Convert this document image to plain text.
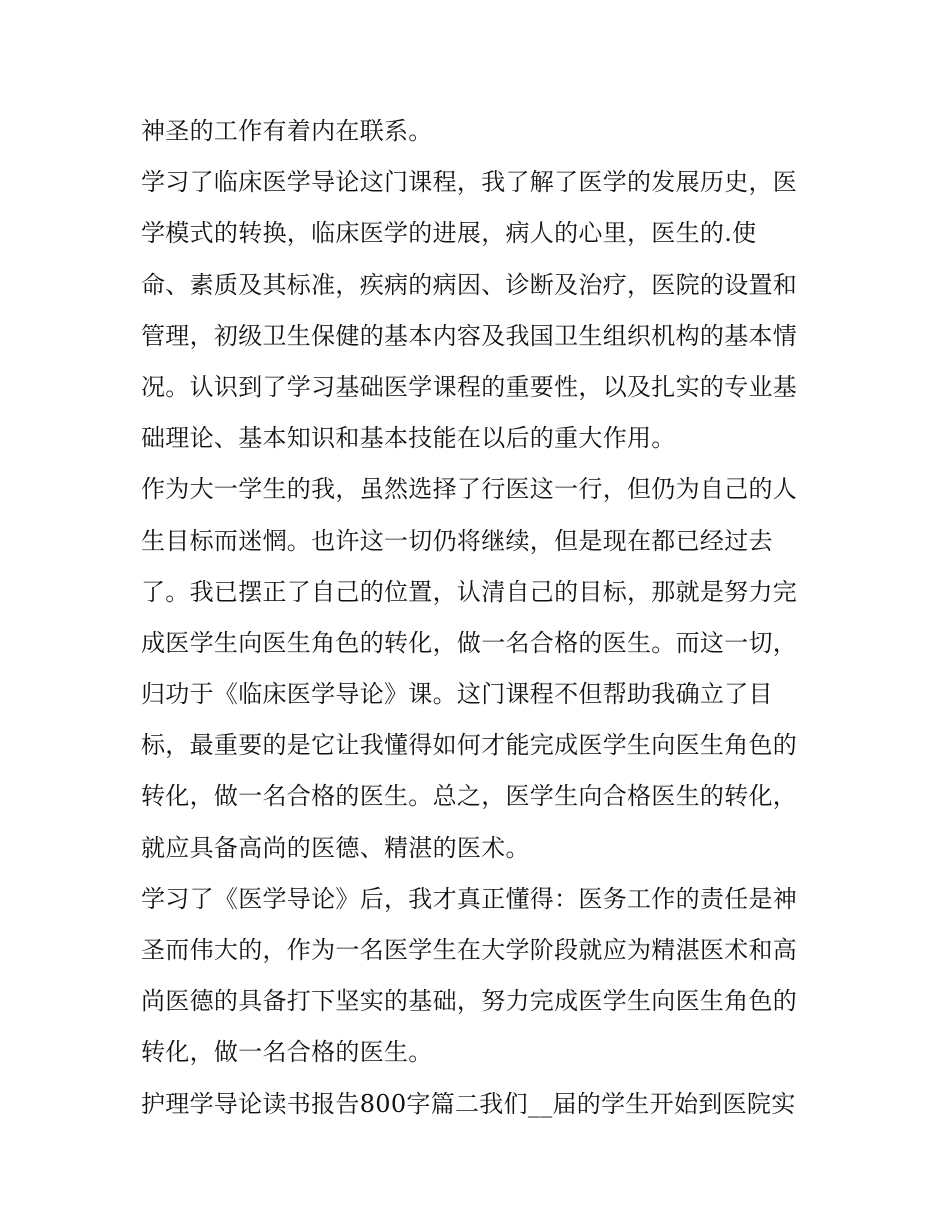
神圣的工作有着内在联系。
学习了临床医学导论这门课程，我了解了医学的发展历史，医
学模式的转换，临床医学的进展，病人的心里，医生的.使
命、素质及其标准，疾病的病因、诊断及治疗，医院的设置和
管理，初级卫生保健的基本内容及我国卫生组织机构的基本情
况。认识到了学习基础医学课程的重要性，以及扎实的专业基
础理论、基本知识和基本技能在以后的重大作用。
作为大一学生的我，虽然选择了行医这一行，但仍为自己的人
生目标而迷惘。也许这一切仍将继续，但是现在都已经过去
了。我已摆正了自己的位置，认清自己的目标，那就是努力完
成医学生向医生角色的转化，做一名合格的医生。而这一切，
归功于《临床医学导论》课。这门课程不但帮助我确立了目
标，最重要的是它让我懂得如何才能完成医学生向医生角色的
转化，做一名合格的医生。总之，医学生向合格医生的转化，
就应具备高尚的医德、精湛的医术。
学习了《医学导论》后，我才真正懂得：医务工作的责任是神
圣而伟大的，作为一名医学生在大学阶段就应为精湛医术和高
尚医德的具备打下坚实的基础，努力完成医学生向医生角色的
转化，做一名合格的医生。
护理学导论读书报告800字篇二我们__届的学生开始到医院实
